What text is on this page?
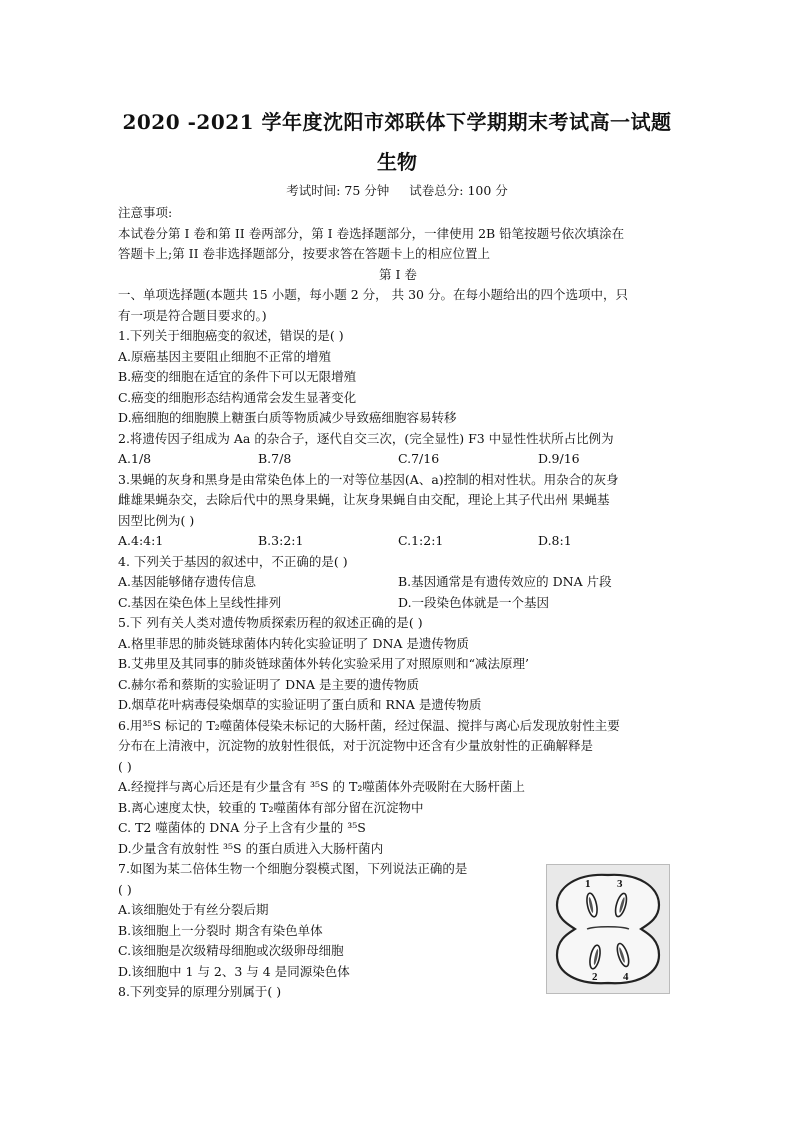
2020 -2021 学年度沈阳市郊联体下学期期末考试高一试题
生物
考试时间: 75 分钟 试卷总分: 100 分
注意事项:
本试卷分第 I 卷和第 II 卷两部分，第 I 卷选择题部分，一律使用 2B 铅笔按题号依次填涂在
答题卡上;第 II 卷非选择题部分，按要求答在答题卡上的相应位置上
第 I 卷
一、单项选择题(本题共 15 小题，每小题 2 分， 共 30 分。在每小题给出的四个选项中，只
有一项是符合题目要求的。)
1.下列关于细胞癌变的叙述，错误的是( )
A.原癌基因主要阻止细胞不正常的增殖
B.癌变的细胞在适宜的条件下可以无限增殖
C.癌变的细胞形态结构通常会发生显著变化
D.癌细胞的细胞膜上糖蛋白质等物质减少导致癌细胞容易转移
2.将遗传因子组成为 Aa 的杂合子，逐代自交三次，(完全显性) F3 中显性性状所占比例为
A.1/8	B.7/8	C.7/16	D.9/16
3.果蝇的灰身和黑身是由常染色体上的一对等位基因(A、a)控制的相对性状。用杂合的灰身
雌雄果蝇杂交，去除后代中的黑身果蝇，让灰身果蝇自由交配，理论上其子代出州 果蝇基
因型比例为( )
A.4:4:1	B.3:2:1	C.1:2:1	D.8:1
4. 下列关于基因的叙述中，不正确的是( )
A.基因能够储存遗传信息	B.基因通常是有遗传效应的 DNA 片段
C.基因在染色体上呈线性排列	D.一段染色体就是一个基因
5.下 列有关人类对遗传物质探索历程的叙述正确的是( )
A.格里菲思的肺炎链球菌体内转化实验证明了 DNA 是遗传物质
B.艾弗里及其同事的肺炎链球菌体外转化实验采用了对照原则和“减法原理’
C.赫尔希和蔡斯的实验证明了 DNA 是主要的遗传物质
D.烟草花叶病毒侵染烟草的实验证明了蛋白质和 RNA 是遗传物质
6.用³⁵S 标记的 T₂噬菌体侵染未标记的大肠杆菌，经过保温、搅拌与离心后发现放射性主要
分布在上清液中，沉淀物的放射性很低，对于沉淀物中还含有少量放射性的正确解释是
( )
A.经搅拌与离心后还是有少量含有 ³⁵S 的 T₂噬菌体外壳吸附在大肠杆菌上
B.离心速度太快，较重的 T₂噬菌体有部分留在沉淀物中
C. T2 噬菌体的 DNA 分子上含有少量的 ³⁵S
D.少量含有放射性 ³⁵S 的蛋白质进入大肠杆菌内
7.如图为某二倍体生物一个细胞分裂模式图，下列说法正确的是
( )
A.该细胞处于有丝分裂后期
B.该细胞上一分裂时 期含有染色单体
C.该细胞是次级精母细胞或次级卵母细胞
D.该细胞中 1 与 2、3 与 4 是同源染色体
8.下列变异的原理分别属于( )
1 3
2 4
